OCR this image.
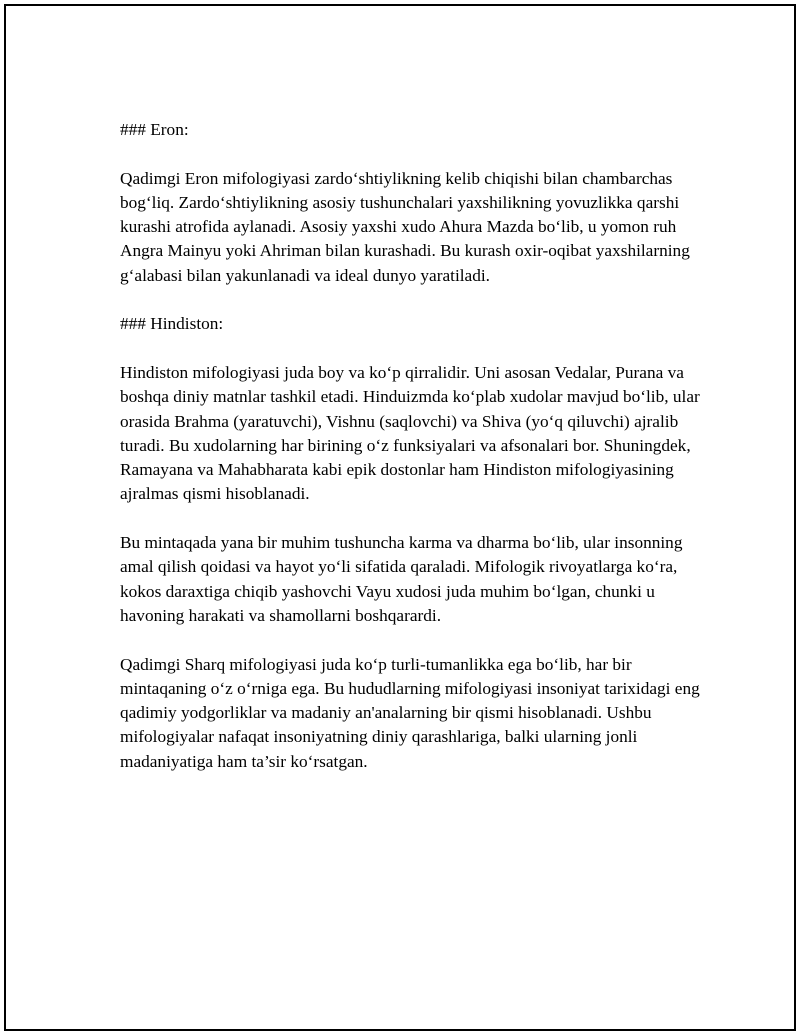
### Eron:

Qadimgi Eron mifologiyasi zardo‘shtiylikning kelib chiqishi bilan chambarchas bog‘liq. Zardo‘shtiylikning asosiy tushunchalari yaxshilikning yovuzlikka qarshi kurashi atrofida aylanadi. Asosiy yaxshi xudo Ahura Mazda bo‘lib, u yomon ruh Angra Mainyu yoki Ahriman bilan kurashadi. Bu kurash oxir-oqibat yaxshilarning g‘alabasi bilan yakunlanadi va ideal dunyo yaratiladi.

### Hindiston:

Hindiston mifologiyasi juda boy va ko‘p qirralidir. Uni asosan Vedalar, Purana va boshqa diniy matnlar tashkil etadi. Hinduizmda ko‘plab xudolar mavjud bo‘lib, ular orasida Brahma (yaratuvchi), Vishnu (saqlovchi) va Shiva (yo‘q qiluvchi) ajralib turadi. Bu xudolarning har birining o‘z funksiyalari va afsonalari bor. Shuningdek, Ramayana va Mahabharata kabi epik dostonlar ham Hindiston mifologiyasining ajralmas qismi hisoblanadi.

Bu mintaqada yana bir muhim tushuncha karma va dharma bo‘lib, ular insonning amal qilish qoidasi va hayot yo‘li sifatida qaraladi. Mifologik rivoyatlarga ko‘ra, kokos daraxtiga chiqib yashovchi Vayu xudosi juda muhim bo‘lgan, chunki u havoning harakati va shamollarni boshqarardi.

Qadimgi Sharq mifologiyasi juda ko‘p turli-tumanlikka ega bo‘lib, har bir mintaqaning o‘z o‘rniga ega. Bu hududlarning mifologiyasi insoniyat tarixidagi eng qadimiy yodgorliklar va madaniy an'analarning bir qismi hisoblanadi. Ushbu mifologiyalar nafaqat insoniyatning diniy qarashlariga, balki ularning jonli madaniyatiga ham ta’sir ko‘rsatgan.
